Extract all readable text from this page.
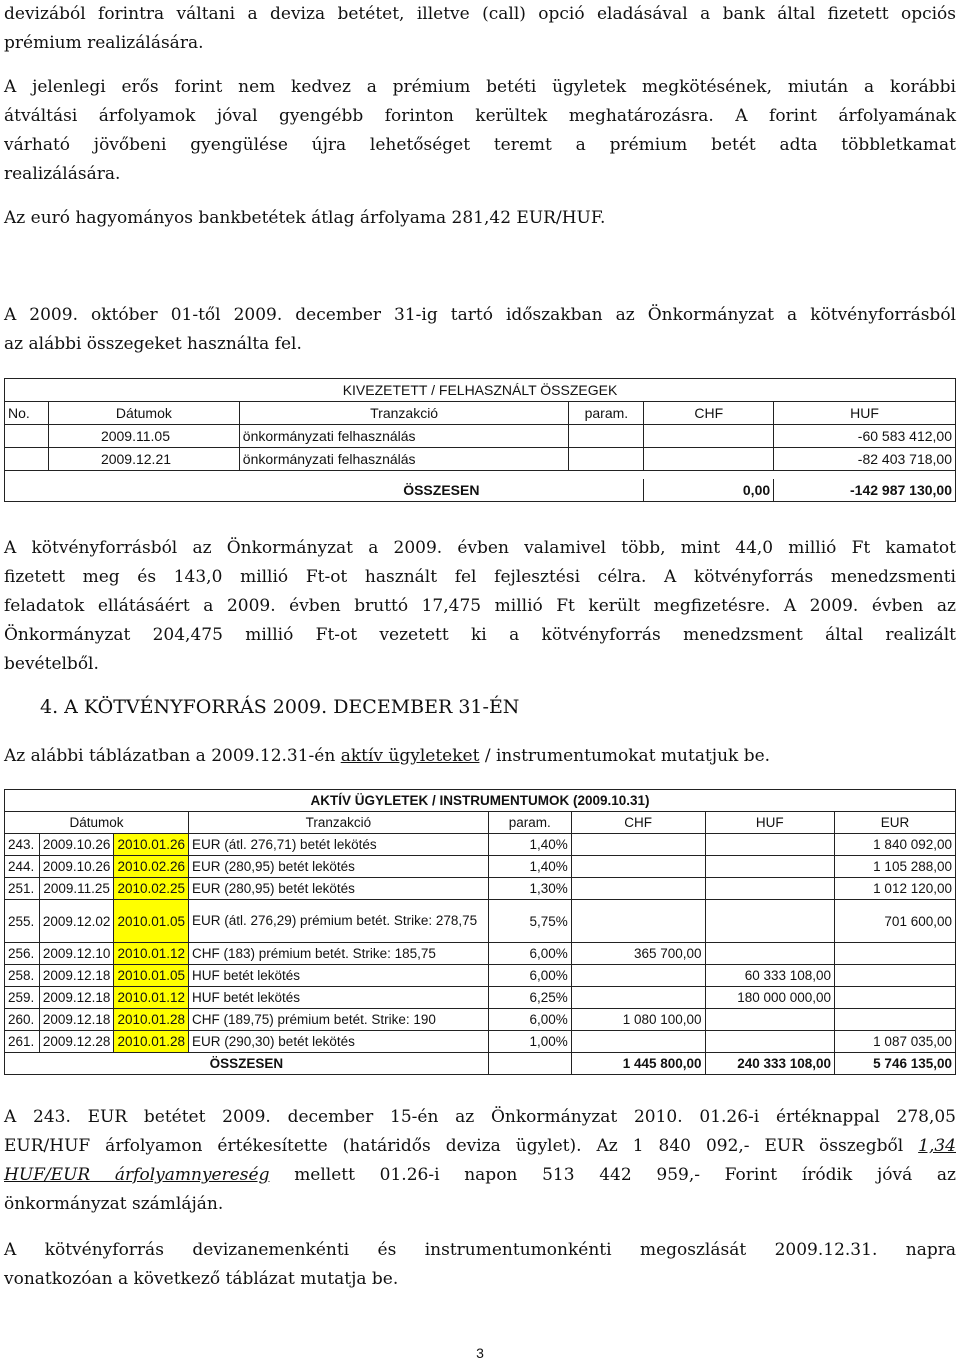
devizából forintra váltani a deviza betétet, illetve (call) opció eladásával a bank által fizetett opciós
prémium realizálására.

A jelenlegi erős forint nem kedvez a prémium betéti ügyletek megkötésének, miután a korábbi
átváltási árfolyamok jóval gyengébb forinton kerültek meghatározásra. A forint árfolyamának
várható jövőbeni gyengülése újra lehetőséget teremt a prémium betét adta többletkamat
realizálására.

Az euró hagyományos bankbetétek átlag árfolyama 281,42 EUR/HUF.

A 2009. október 01-től 2009. december 31-ig tartó időszakban az Önkormányzat a kötvényforrásból
az alábbi összegeket használta fel.

KIVEZETETT / FELHASZNÁLT ÖSSZEGEK					
No.	Dátumok	Tranzakció	param.	CHF	HUF
	2009.11.05	önkormányzati felhasználás			-60 583 412,00
	2009.12.21	önkormányzati felhasználás			-82 403 718,00

		ÖSSZESEN		0,00	-142 987 130,00

A kötvényforrásból az Önkormányzat a 2009. évben valamivel több, mint 44,0 millió Ft kamatot
fizetett meg és 143,0 millió Ft-ot használt fel fejlesztési célra. A kötvényforrás menedzsmenti
feladatok ellátásáért a 2009. évben bruttó 17,475 millió Ft került megfizetésre. A 2009. évben az
Önkormányzat 204,475 millió Ft-ot vezetett ki a kötvényforrás menedzsment által realizált
bevételből.

4. A KÖTVÉNYFORRÁS 2009. DECEMBER 31-ÉN

Az alábbi táblázatban a 2009.12.31-én aktív ügyleteket / instrumentumokat mutatjuk be.

AKTÍV ÜGYLETEK / INSTRUMENTUMOK (2009.10.31)							
Dátumok			Tranzakció	param.	CHF	HUF	EUR
243.	2009.10.26	2010.01.26	EUR (átl. 276,71) betét lekötés	1,40%			1 840 092,00
244.	2009.10.26	2010.02.26	EUR (280,95) betét lekötés	1,40%			1 105 288,00
251.	2009.11.25	2010.02.25	EUR (280,95) betét lekötés	1,30%			1 012 120,00
255.	2009.12.02	2010.01.05	EUR (átl. 276,29) prémium betét. Strike: 278,75	5,75%			701 600,00
256.	2009.12.10	2010.01.12	CHF (183) prémium betét. Strike: 185,75	6,00%	365 700,00		
258.	2009.12.18	2010.01.05	HUF betét lekötés	6,00%		60 333 108,00	
259.	2009.12.18	2010.01.12	HUF betét lekötés	6,25%		180 000 000,00	
260.	2009.12.18	2010.01.28	CHF (189,75) prémium betét. Strike: 190	6,00%	1 080 100,00		
261.	2009.12.28	2010.01.28	EUR (290,30) betét lekötés	1,00%			1 087 035,00
ÖSSZESEN					1 445 800,00	240 333 108,00	5 746 135,00

A 243. EUR betétet 2009. december 15-én az Önkormányzat 2010. 01.26-i értéknappal 278,05
EUR/HUF árfolyamon értékesítette (határidős deviza ügylet). Az 1 840 092,- EUR összegből 1,34
HUF/EUR árfolyamnyereség mellett 01.26-i napon 513 442 959,- Forint íródik jóvá az
önkormányzat számláján.

A kötvényforrás devizanemenkénti és instrumentumonkénti megoszlását 2009.12.31. napra
vonatkozóan a következő táblázat mutatja be.

3
